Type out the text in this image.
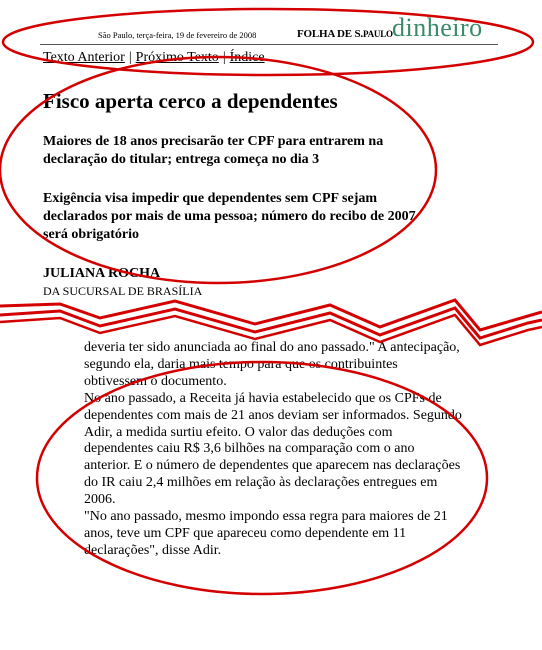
São Paulo, terça-feira, 19 de fevereiro de 2008	FOLHA DE S.PAULO dinheiro
Texto Anterior | Próximo Texto | Índice
Fisco aperta cerco a dependentes

Maiores de 18 anos precisarão ter CPF para entrarem na declaração do titular; entrega começa no dia 3

Exigência visa impedir que dependentes sem CPF sejam declarados por mais de uma pessoa; número do recibo de 2007 será obrigatório

JULIANA ROCHA
DA SUCURSAL DE BRASÍLIA

deveria ter sido anunciada ao final do ano passado." A antecipação, segundo ela, daria mais tempo para que os contribuintes obtivessem o documento.

No ano passado, a Receita já havia estabelecido que os CPFs de dependentes com mais de 21 anos deviam ser informados. Segundo Adir, a medida surtiu efeito. O valor das deduções com dependentes caiu R$ 3,6 bilhões na comparação com o ano anterior. E o número de dependentes que aparecem nas declarações do IR caiu 2,4 milhões em relação às declarações entregues em 2006.

"No ano passado, mesmo impondo essa regra para maiores de 21 anos, teve um CPF que apareceu como dependente em 11 declarações", disse Adir.
